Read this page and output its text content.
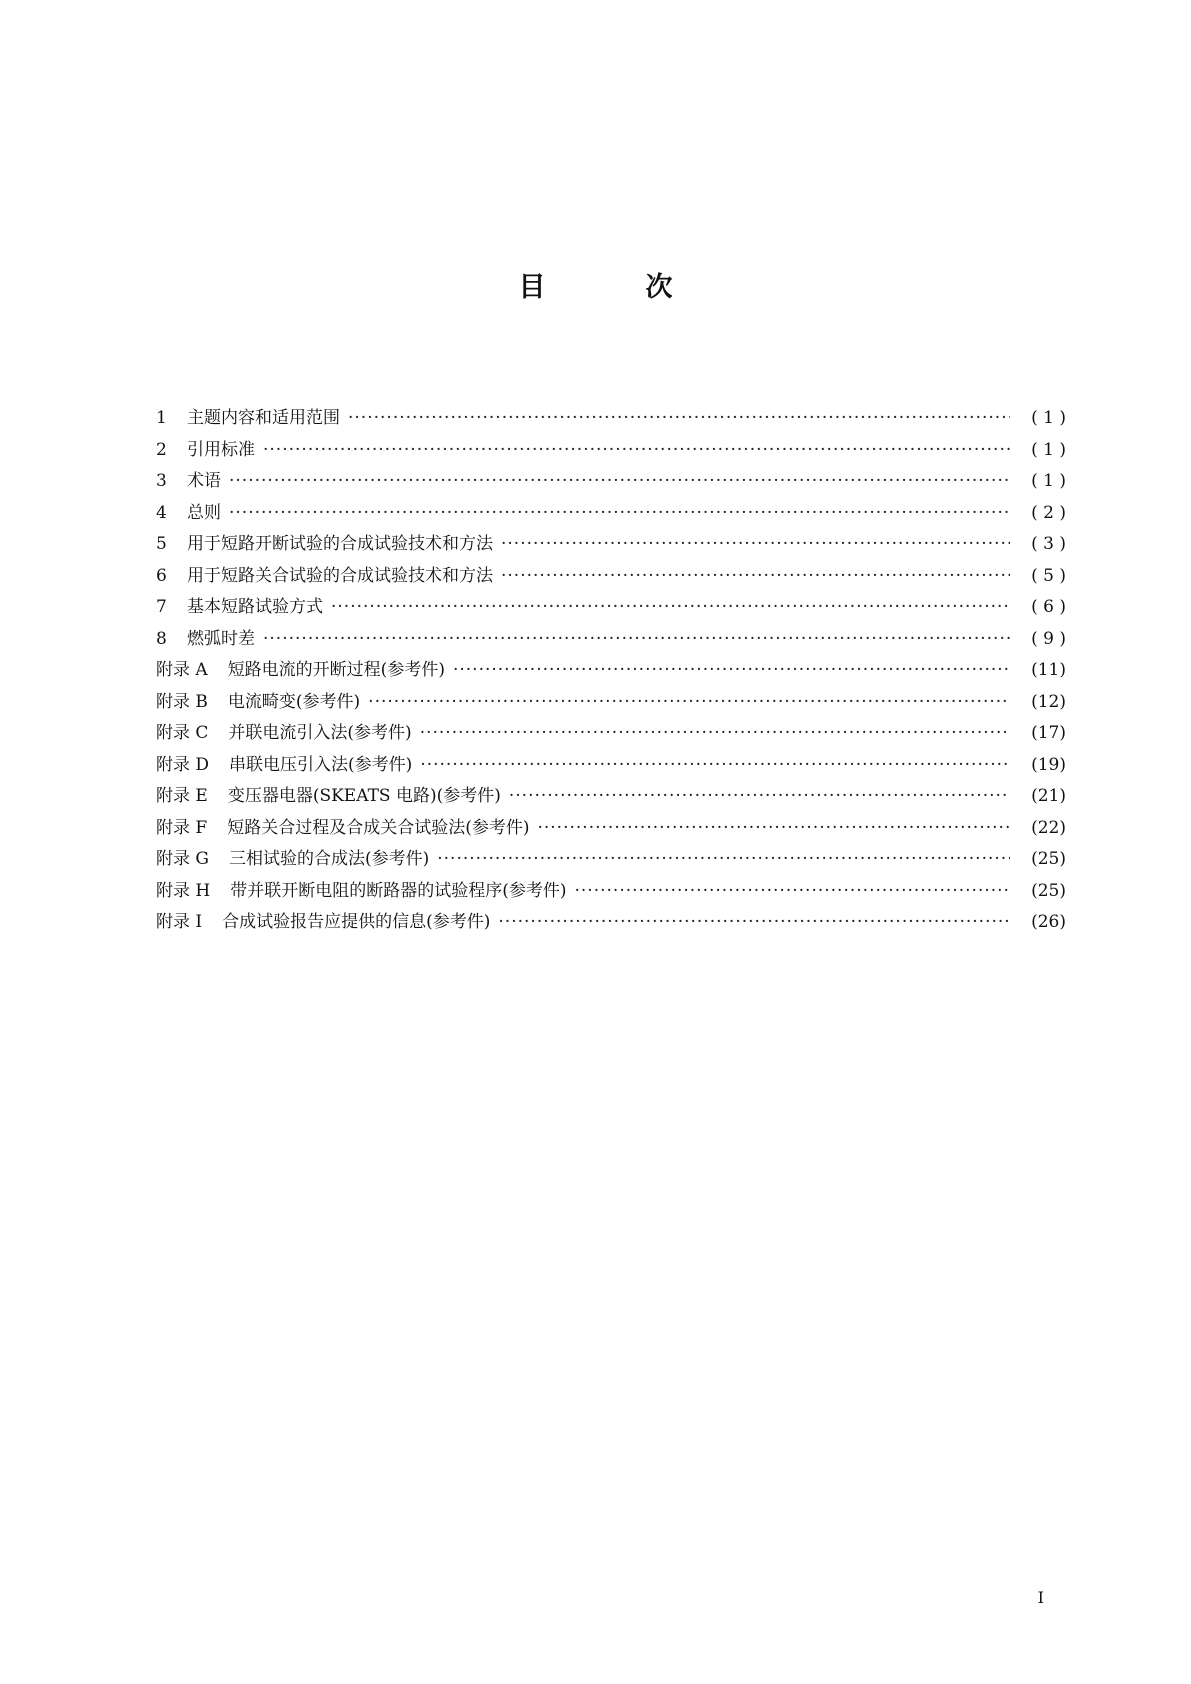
目	次
1	主题内容和适用范围 ·····	( 1 )
2	引用标准 ·····	( 1 )
3	术语 ·····	( 1 )
4	总则 ·····	( 2 )
5	用于短路开断试验的合成试验技术和方法 ·····	( 3 )
6	用于短路关合试验的合成试验技术和方法 ·····	( 5 )
7	基本短路试验方式 ·····	( 6 )
8	燃弧时差 ·····	( 9 )
附录 A 短路电流的开断过程(参考件) ·····	(11)
附录 B 电流畸变(参考件) ·····	(12)
附录 C 并联电流引入法(参考件) ·····	(17)
附录 D 串联电压引入法(参考件) ·····	(19)
附录 E 变压器电器(SKEATS 电路)(参考件) ·····	(21)
附录 F 短路关合过程及合成关合试验法(参考件) ·····	(22)
附录 G 三相试验的合成法(参考件) ·····	(25)
附录 H 带并联开断电阻的断路器的试验程序(参考件) ·····	(25)
附录 I 合成试验报告应提供的信息(参考件) ·····	(26)
I
